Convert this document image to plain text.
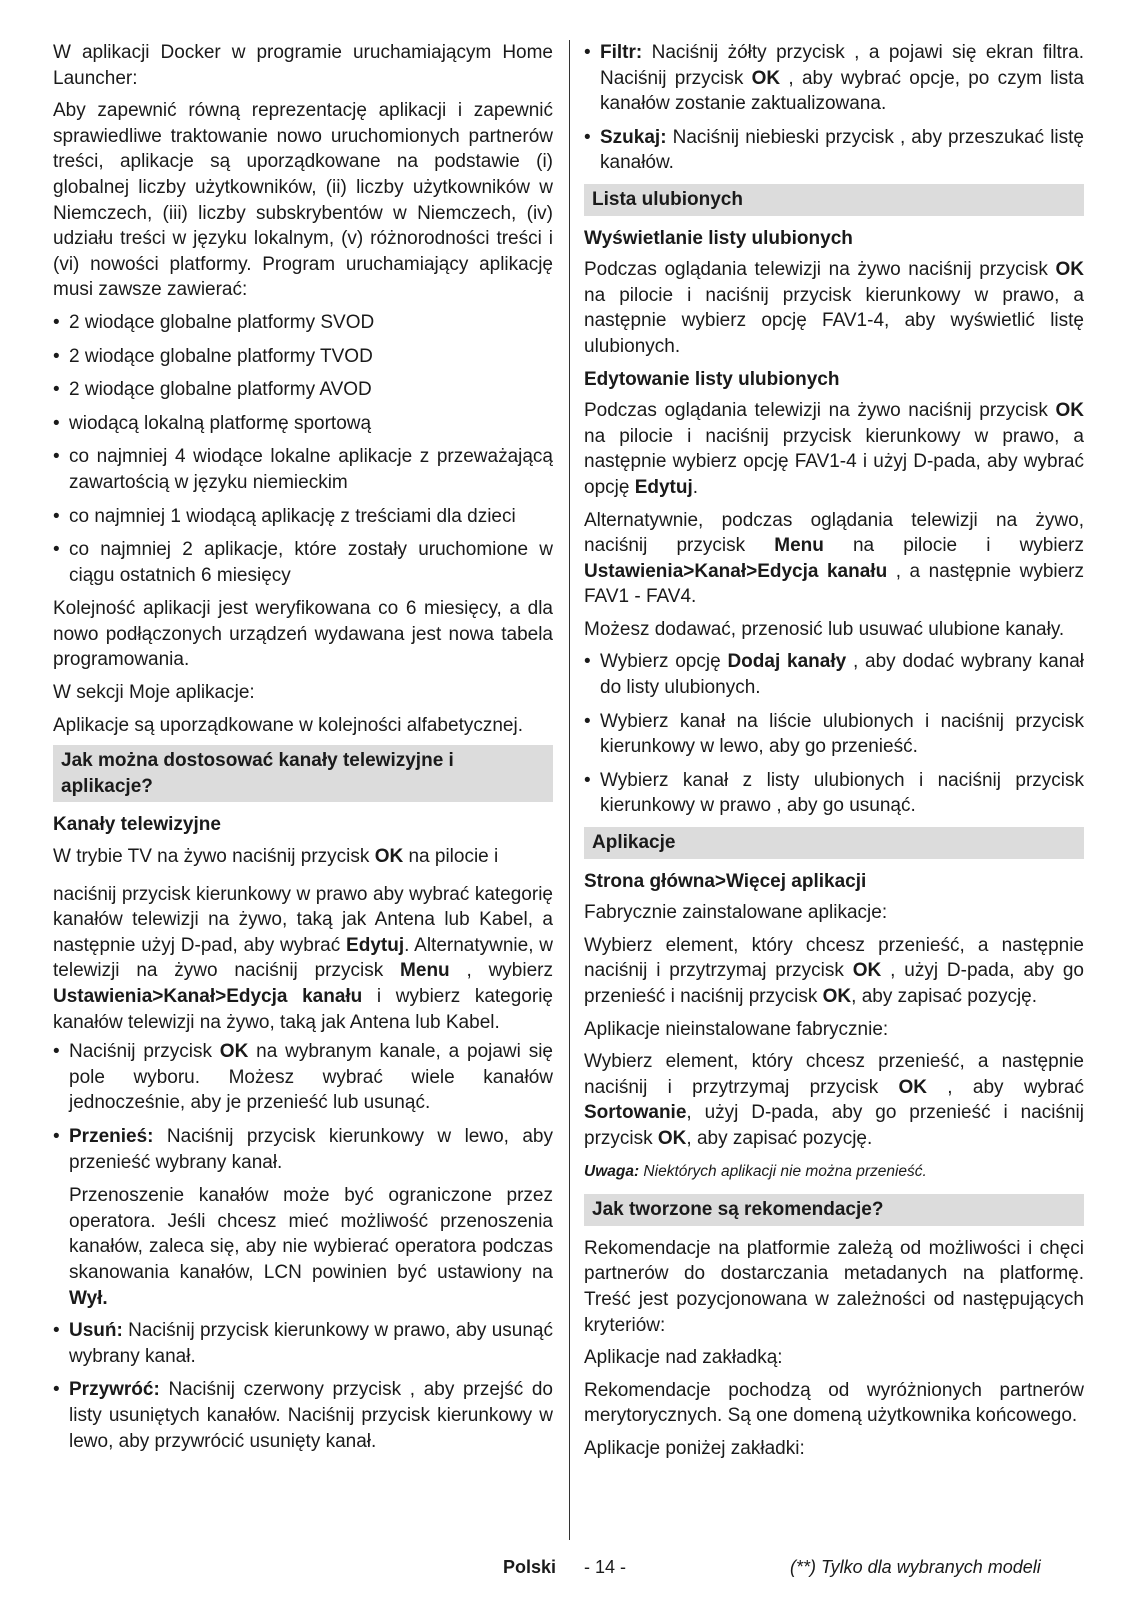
W aplikacji Docker w programie uruchamiającym Home Launcher:

Aby zapewnić równą reprezentację aplikacji i zapewnić sprawiedliwe traktowanie nowo uruchomionych partnerów treści, aplikacje są uporządkowane na podstawie (i) globalnej liczby użytkowników, (ii) liczby użytkowników w Niemczech, (iii) liczby subskrybentów w Niemczech, (iv) udziału treści w języku lokalnym, (v) różnorodności treści i (vi) nowości platformy. Program uruchamiający aplikację musi zawsze zawierać:

• 2 wiodące globalne platformy SVOD
• 2 wiodące globalne platformy TVOD
• 2 wiodące globalne platformy AVOD
• wiodącą lokalną platformę sportową
• co najmniej 4 wiodące lokalne aplikacje z przeważającą zawartością w języku niemieckim
• co najmniej 1 wiodącą aplikację z treściami dla dzieci
• co najmniej 2 aplikacje, które zostały uruchomione w ciągu ostatnich 6 miesięcy

Kolejność aplikacji jest weryfikowana co 6 miesięcy, a dla nowo podłączonych urządzeń wydawana jest nowa tabela programowania.

W sekcji Moje aplikacje:

Aplikacje są uporządkowane w kolejności alfabetycznej.

Jak można dostosować kanały telewizyjne i aplikacje?
Kanały telewizyjne

W trybie TV na żywo naciśnij przycisk OK na pilocie i

naciśnij przycisk kierunkowy w prawo aby wybrać kategorię kanałów telewizji na żywo, taką jak Antena lub Kabel, a następnie użyj D-pad, aby wybrać Edytuj. Alternatywnie, w telewizji na żywo naciśnij przycisk Menu , wybierz Ustawienia>Kanał>Edycja kanału i wybierz kategorię kanałów telewizji na żywo, taką jak Antena lub Kabel.

• Naciśnij przycisk OK na wybranym kanale, a pojawi się pole wyboru. Możesz wybrać wiele kanałów jednocześnie, aby je przenieść lub usunąć.
• Przenieś: Naciśnij przycisk kierunkowy w lewo, aby przenieść wybrany kanał.

Przenoszenie kanałów może być ograniczone przez operatora. Jeśli chcesz mieć możliwość przenoszenia kanałów, zaleca się, aby nie wybierać operatora podczas skanowania kanałów, LCN powinien być ustawiony na Wył.

• Usuń: Naciśnij przycisk kierunkowy w prawo, aby usunąć wybrany kanał.
• Przywróć: Naciśnij czerwony przycisk , aby przejść do listy usuniętych kanałów. Naciśnij przycisk kierunkowy w lewo, aby przywrócić usunięty kanał.
• Filtr: Naciśnij żółty przycisk , a pojawi się ekran filtra. Naciśnij przycisk OK , aby wybrać opcje, po czym lista kanałów zostanie zaktualizowana.
• Szukaj: Naciśnij niebieski przycisk , aby przeszukać listę kanałów.
Lista ulubionych
Wyświetlanie listy ulubionych

Podczas oglądania telewizji na żywo naciśnij przycisk OK na pilocie i naciśnij przycisk kierunkowy w prawo, a następnie wybierz opcję FAV1-4, aby wyświetlić listę ulubionych.

Edytowanie listy ulubionych

Podczas oglądania telewizji na żywo naciśnij przycisk OK na pilocie i naciśnij przycisk kierunkowy w prawo, a następnie wybierz opcję FAV1-4 i użyj D-pada, aby wybrać opcję Edytuj.

Alternatywnie, podczas oglądania telewizji na żywo, naciśnij przycisk Menu na pilocie i wybierz Ustawienia>Kanał>Edycja kanału , a następnie wybierz FAV1 - FAV4.

Możesz dodawać, przenosić lub usuwać ulubione kanały.

• Wybierz opcję Dodaj kanały , aby dodać wybrany kanał do listy ulubionych.
• Wybierz kanał na liście ulubionych i naciśnij przycisk kierunkowy w lewo, aby go przenieść.
• Wybierz kanał z listy ulubionych i naciśnij przycisk kierunkowy w prawo , aby go usunąć.
Aplikacje
Strona główna>Więcej aplikacji

Fabrycznie zainstalowane aplikacje:

Wybierz element, który chcesz przenieść, a następnie naciśnij i przytrzymaj przycisk OK , użyj D-pada, aby go przenieść i naciśnij przycisk OK, aby zapisać pozycję.

Aplikacje nieinstalowane fabrycznie:

Wybierz element, który chcesz przenieść, a następnie naciśnij i przytrzymaj przycisk OK , aby wybrać Sortowanie, użyj D-pada, aby go przenieść i naciśnij przycisk OK, aby zapisać pozycję.

Uwaga: Niektórych aplikacji nie można przenieść.

Jak tworzone są rekomendacje?

Rekomendacje na platformie zależą od możliwości i chęci partnerów do dostarczania metadanych na platformę. Treść jest pozycjonowana w zależności od następujących kryteriów:

Aplikacje nad zakładką:

Rekomendacje pochodzą od wyróżnionych partnerów merytorycznych. Są one domeną użytkownika końcowego.

Aplikacje poniżej zakładki:

Polski	- 14 -	(**) Tylko dla wybranych modeli
